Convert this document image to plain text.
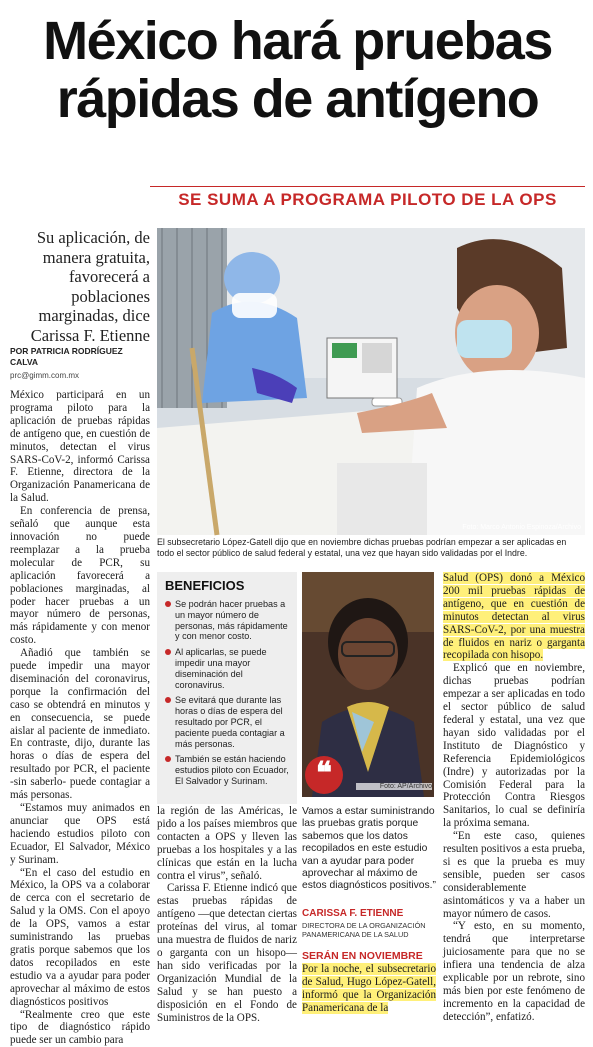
México hará pruebas rápidas de antígeno
SE SUMA A PROGRAMA PILOTO DE LA OPS
Su aplicación, de manera gratuita, favorecerá a poblaciones marginadas, dice Carissa F. Etienne
POR PATRICIA RODRÍGUEZ CALVA
prc@gimm.com.mx

México participará en un programa piloto para la aplicación de pruebas rápidas de antígeno que, en cuestión de minutos, detectan el virus SARS-CoV-2, informó Carissa F. Etienne, directora de la Organización Panamericana de la Salud.

En conferencia de prensa, señaló que aunque esta innovación no puede reemplazar a la prueba molecular de PCR, su aplicación favorecerá a poblaciones marginadas, al poder hacer pruebas a un mayor número de personas, más rápidamente y con menor costo.

Añadió que también se puede impedir una mayor diseminación del coronavirus, porque la confirmación del caso se obtendrá en minutos y en consecuencia, se puede aislar al paciente de inmediato. En contraste, dijo, durante las horas o días de espera del resultado por PCR, el paciente -sin saberlo- puede contagiar a más personas.

“Estamos muy animados en anunciar que OPS está haciendo estudios piloto con Ecuador, El Salvador, México y Surinam.

“En el caso del estudio en México, la OPS va a colaborar de cerca con el secretario de Salud y la OMS. Con el apoyo de la OPS, vamos a estar suministrando las pruebas gratis porque sabemos que los datos recopilados en este estudio va a ayudar para poder aprovechar al máximo de estos diagnósticos positivos

“Realmente creo que este tipo de diagnóstico rápido puede ser un cambio para

Foto: Marco Antonio Espinoza/Archivo
El subsecretario López-Gatell dijo que en noviembre dichas pruebas podrían empezar a ser aplicadas en todo el sector público de salud federal y estatal, una vez que hayan sido validadas por el Indre.
BENEFICIOS
Se podrán hacer pruebas a un mayor número de personas, más rápidamente y con menor costo.
Al aplicarlas, se puede impedir una mayor diseminación del coronavirus.
Se evitará que durante las horas o días de espera del resultado por PCR, el paciente pueda contagiar a más personas.
También se están haciendo estudios piloto con Ecuador, El Salvador y Surinam.

la región de las Américas, le pido a los países miembros que contacten a OPS y lleven las pruebas a los hospitales y a las clínicas que están en la lucha contra el virus”, señaló.

Carissa F. Etienne indicó que estas pruebas rápidas de antígeno —que detectan ciertas proteínas del virus, al tomar una muestra de fluidos de nariz o garganta con un hisopo— han sido verificadas por la Organización Mundial de la Salud y se han puesto a disposición en el Fondo de Suministros de la OPS.

Foto: AP/Archivo
❝
Vamos a estar suministrando las pruebas gratis porque sabemos que los datos recopilados en este estudio van a ayudar para poder aprovechar al máximo de estos diagnósticos positivos.”
CARISSA F. ETIENNE
DIRECTORA DE LA ORGANIZACIÓN PANAMERICANA DE LA SALUD
SERÁN EN NOVIEMBRE
Por la noche, el subsecretario de Salud, Hugo López-Gatell, informó que la Organización Panamericana de la

Salud (OPS) donó a México 200 mil pruebas rápidas de antígeno, que en cuestión de minutos detectan al virus SARS-CoV-2, por una muestra de fluidos en nariz o garganta recopilada con hisopo.

Explicó que en noviembre, dichas pruebas podrían empezar a ser aplicadas en todo el sector público de salud federal y estatal, una vez que hayan sido validadas por el Instituto de Diagnóstico y Referencia Epidemiológicos (Indre) y autorizadas por la Comisión Federal para la Protección Contra Riesgos Sanitarios, lo cual se definiría la próxima semana.

“En este caso, quienes resulten positivos a esta prueba, si es que la prueba es muy sensible, pueden ser casos considerablemente asintomáticos y va a haber un mayor número de casos.

“Y esto, en su momento, tendrá que interpretarse juiciosamente para que no se infiera una tendencia de alza explicable por un rebrote, sino más bien por este fenómeno de incremento en la capacidad de detección”, enfatizó.
